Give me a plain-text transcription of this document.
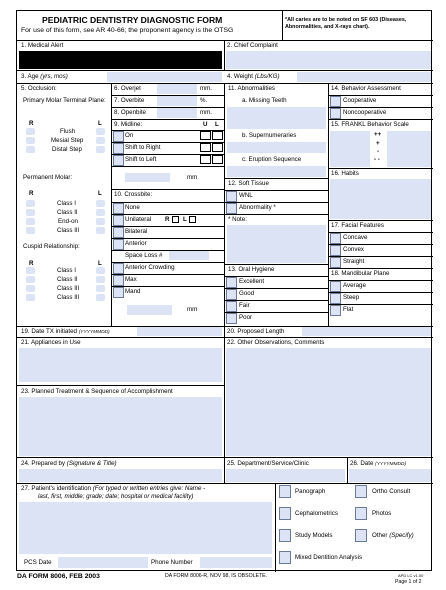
PEDIATRIC DENTISTRY DIAGNOSTIC FORM
For use of this form, see AR 40-66; the proponent agency is the OTSG
*All caries are to be noted on SF 603 (Diseases, Abnormalities, and X-rays chart).
1. Medical Alert	2. Chief Complaint
3. Age (yrs, mos)	4. Weight (Lbs/KG)
5. Occlusion:
Primary Molar Terminal Plane:
R	L
Flush
Mesial Step
Distal Step
Permanent Molar:
R	L
Class I
Class II
End-on
Class III
Cuspid Relationship:
R	L
Class I
Class II
Class III
Class III
6. Overjet	mm.
7. Overbite	%.
8. Openbite	mm.
9. Midline:	U L
On
Shift to Right
Shift to Left
mm
10. Crossbite:
None
Unilateral R L
Bilateral
Anterior
Space Loss #
Anterior Crowding
Max
Mand
mm
11. Abnormalities
a. Missing Teeth
b. Supernumeraries
c. Eruption Sequence
12. Soft Tissue
WNL
Abnormality *
* Note:
13. Oral Hygiene
Excellent
Good
Fair
Poor
14. Behavior Assessment
Cooperative
Noncooperative
15. FRANKL Behavior Scale
++
+
-
- -
16. Habits
17. Facial Features
Concave
Convex
Straight
18. Mandibular Plane
Average
Steep
Flat
19. Date TX initiated (YYYYMMDD)	20. Proposed Length
21. Appliances in Use	22. Other Observations, Comments
23. Planned Treatment & Sequence of Accomplishment
24. Prepared by (Signature & Title)	25. Department/Service/Clinic	26. Date (YYYYMMDD)
27. Patient's identification (For typed or written entries give: Name -
last, first, middle; grade; date; hospital or medical facility)
PCS Date	Phone Number
Panograph	Ortho Consult
Cephalometrics	Photos
Study Models	Other (Specify)
Mixed Dentition Analysis
DA FORM 8006, FEB 2003	DA FORM 8006-R, NOV 98, IS OBSOLETE.	APD LC v1.00
Page 1 of 2
